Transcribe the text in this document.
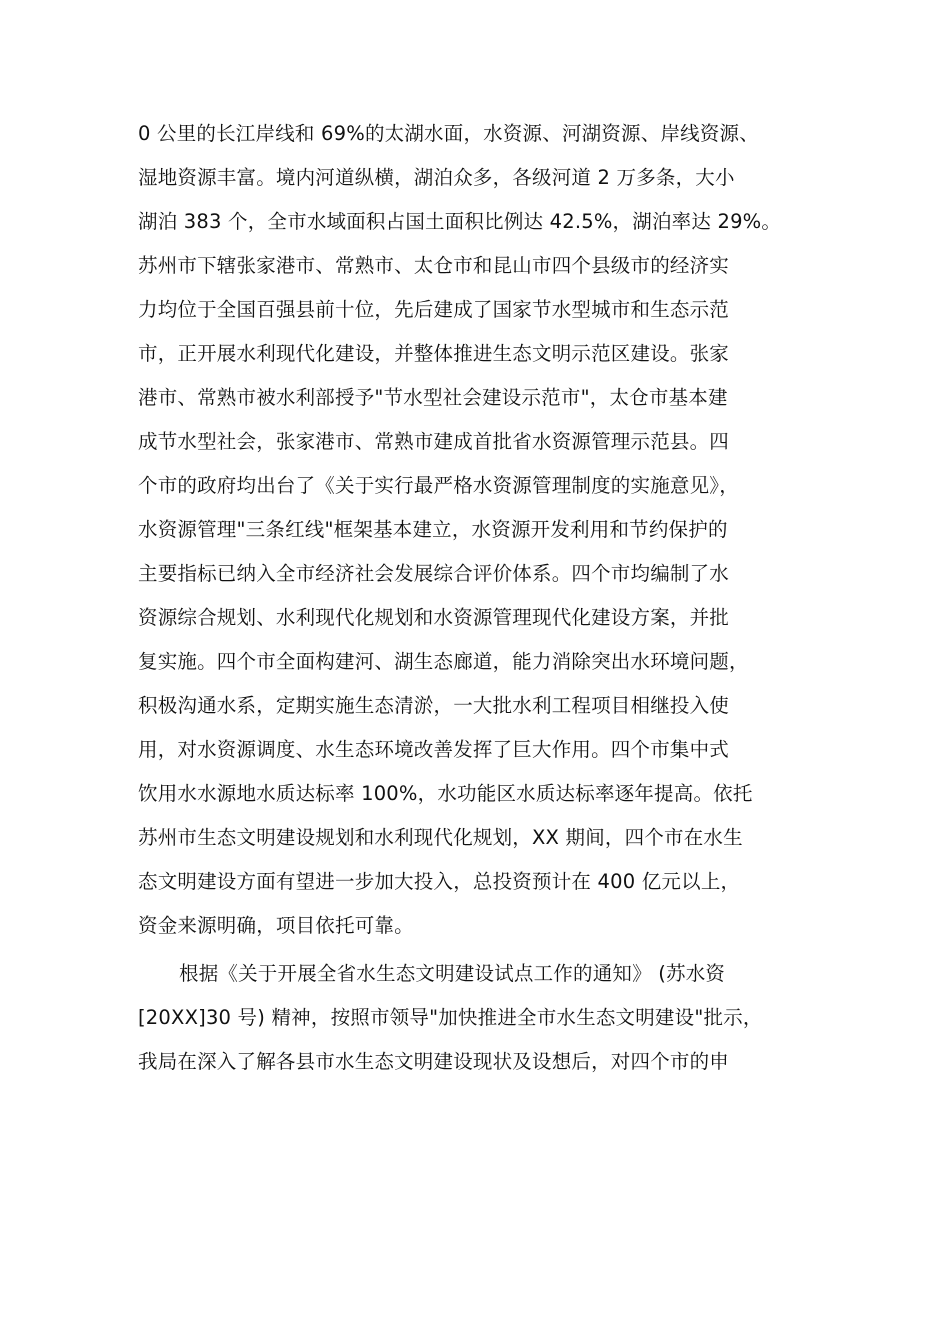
0 公里的长江岸线和 69%的太湖水面，水资源、河湖资源、岸线资源、
湿地资源丰富。境内河道纵横，湖泊众多，各级河道 2 万多条，大小
湖泊 383 个，全市水域面积占国土面积比例达 42.5%，湖泊率达 29%。
苏州市下辖张家港市、常熟市、太仓市和昆山市四个县级市的经济实
力均位于全国百强县前十位，先后建成了国家节水型城市和生态示范
市，正开展水利现代化建设，并整体推进生态文明示范区建设。张家
港市、常熟市被水利部授予"节水型社会建设示范市"，太仓市基本建
成节水型社会，张家港市、常熟市建成首批省水资源管理示范县。四
个市的政府均出台了《关于实行最严格水资源管理制度的实施意见》，
水资源管理"三条红线"框架基本建立，水资源开发利用和节约保护的
主要指标已纳入全市经济社会发展综合评价体系。四个市均编制了水
资源综合规划、水利现代化规划和水资源管理现代化建设方案，并批
复实施。四个市全面构建河、湖生态廊道，能力消除突出水环境问题，
积极沟通水系，定期实施生态清淤，一大批水利工程项目相继投入使
用，对水资源调度、水生态环境改善发挥了巨大作用。四个市集中式
饮用水水源地水质达标率 100%，水功能区水质达标率逐年提高。依托
苏州市生态文明建设规划和水利现代化规划，XX 期间，四个市在水生
态文明建设方面有望进一步加大投入，总投资预计在 400 亿元以上，
资金来源明确，项目依托可靠。
根据《关于开展全省水生态文明建设试点工作的通知》 (苏水资
[20XX]30 号) 精神，按照市领导"加快推进全市水生态文明建设"批示，
我局在深入了解各县市水生态文明建设现状及设想后，对四个市的申
